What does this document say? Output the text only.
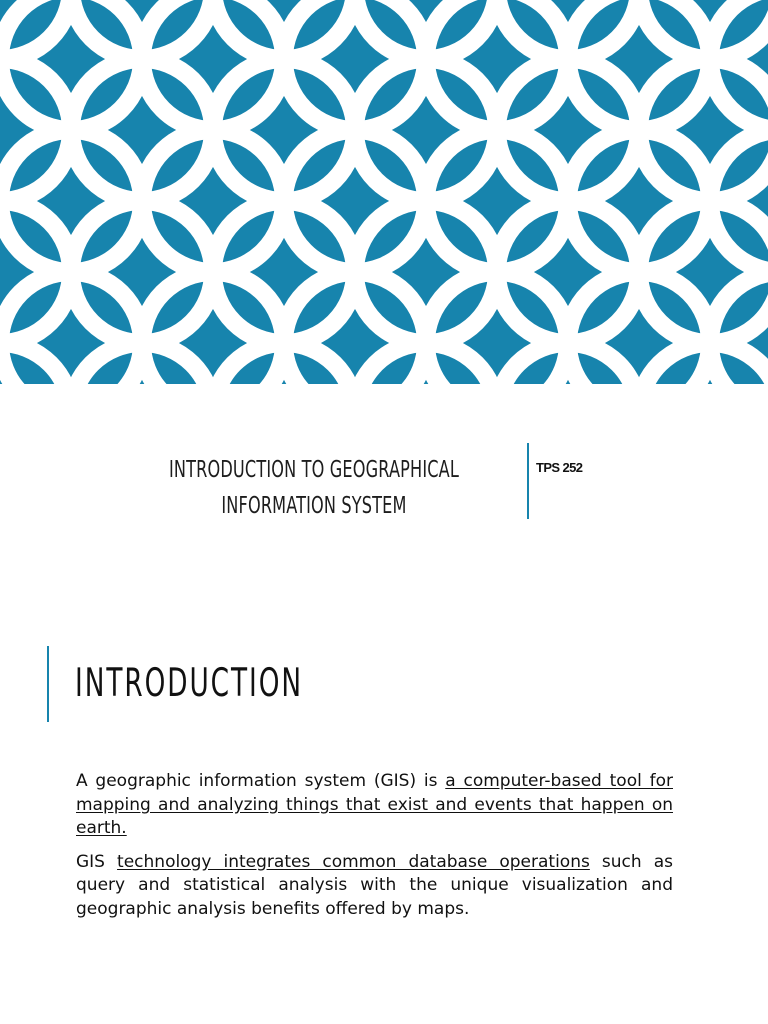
INTRODUCTION TO GEOGRAPHICAL
INFORMATION SYSTEM
TPS 252
INTRODUCTION

A geographic information system (GIS) is a computer-based tool for mapping and analyzing things that exist and events that happen on earth.

GIS technology integrates common database operations such as query and statistical analysis with the unique visualization and geographic analysis benefits offered by maps.
